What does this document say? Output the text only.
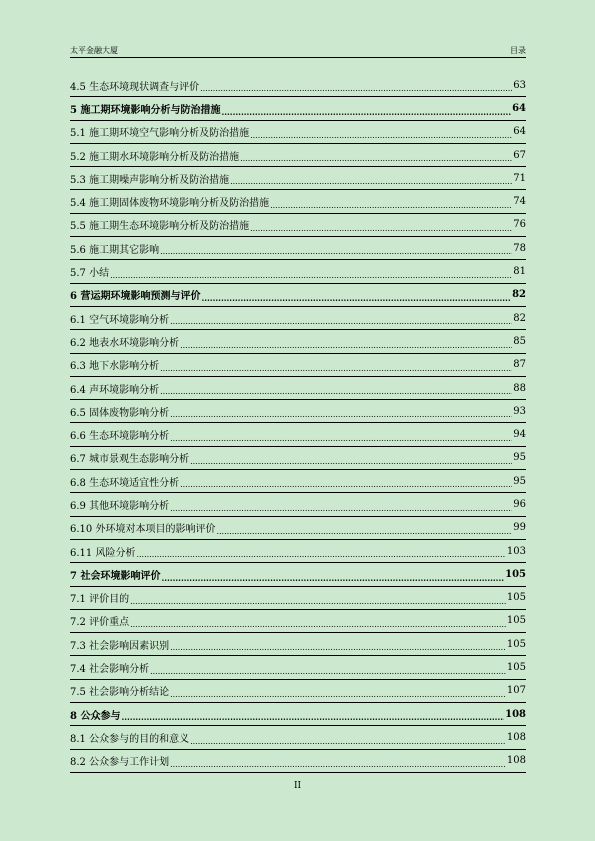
太平金融大厦	目录
4.5 生态环境现状调查与评价 .....	63
5 施工期环境影响分析与防治措施 .....	64
5.1 施工期环境空气影响分析及防治措施 .....	64
5.2 施工期水环境影响分析及防治措施 .....	67
5.3 施工期噪声影响分析及防治措施 .....	71
5.4 施工期固体废物环境影响分析及防治措施 .....	74
5.5 施工期生态环境影响分析及防治措施 .....	76
5.6 施工期其它影响 .....	78
5.7 小结 .....	81
6 营运期环境影响预测与评价 .....	82
6.1 空气环境影响分析 .....	82
6.2 地表水环境影响分析 .....	85
6.3 地下水影响分析 .....	87
6.4 声环境影响分析 .....	88
6.5 固体废物影响分析 .....	93
6.6 生态环境影响分析 .....	94
6.7 城市景观生态影响分析 .....	95
6.8 生态环境适宜性分析 .....	95
6.9 其他环境影响分析 .....	96
6.10 外环境对本项目的影响评价 .....	99
6.11 风险分析 .....	103
7 社会环境影响评价 .....	105
7.1 评价目的 .....	105
7.2 评价重点 .....	105
7.3 社会影响因素识别 .....	105
7.4 社会影响分析 .....	105
7.5 社会影响分析结论 .....	107
8 公众参与 .....	108
8.1 公众参与的目的和意义 .....	108
8.2 公众参与工作计划 .....	108
II
